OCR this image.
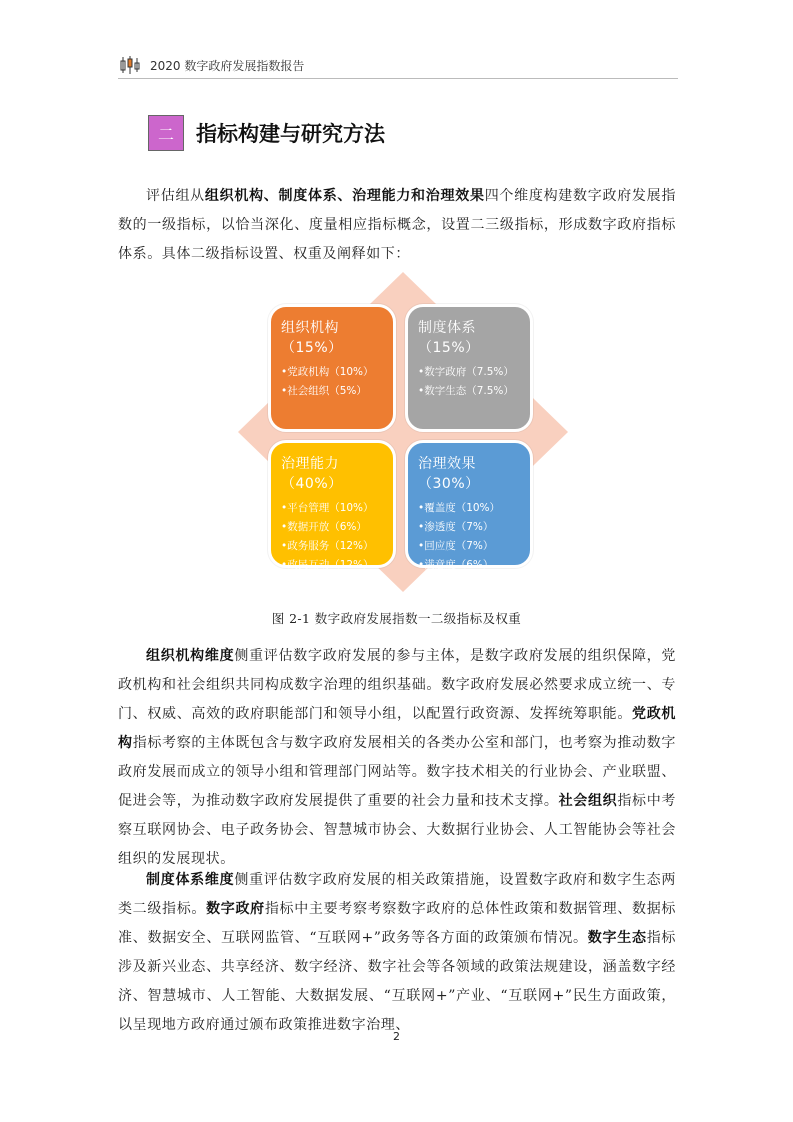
2020 数字政府发展指数报告
二	指标构建与研究方法

评估组从组织机构、制度体系、治理能力和治理效果四个维度构建数字政府发展指数的一级指标，以恰当深化、度量相应指标概念，设置二三级指标，形成数字政府指标体系。具体二级指标设置、权重及阐释如下：

组织机构（15%）
•党政机构（10%）
•社会组织（5%）
制度体系（15%）
•数字政府（7.5%）
•数字生态（7.5%）
治理能力（40%）
•平台管理（10%）
•数据开放（6%）
•政务服务（12%）
•政民互动（12%）
治理效果（30%）
•覆盖度（10%）
•渗透度（7%）
•回应度（7%）
•满意度（6%）
图 2-1 数字政府发展指数一二级指标及权重

组织机构维度侧重评估数字政府发展的参与主体，是数字政府发展的组织保障，党政机构和社会组织共同构成数字治理的组织基础。数字政府发展必然要求成立统一、专门、权威、高效的政府职能部门和领导小组，以配置行政资源、发挥统筹职能。党政机构指标考察的主体既包含与数字政府发展相关的各类办公室和部门，也考察为推动数字政府发展而成立的领导小组和管理部门网站等。数字技术相关的行业协会、产业联盟、促进会等，为推动数字政府发展提供了重要的社会力量和技术支撑。社会组织指标中考察互联网协会、电子政务协会、智慧城市协会、大数据行业协会、人工智能协会等社会组织的发展现状。

制度体系维度侧重评估数字政府发展的相关政策措施，设置数字政府和数字生态两类二级指标。数字政府指标中主要考察考察数字政府的总体性政策和数据管理、数据标准、数据安全、互联网监管、“互联网+”政务等各方面的政策颁布情况。数字生态指标涉及新兴业态、共享经济、数字经济、数字社会等各领域的政策法规建设，涵盖数字经济、智慧城市、人工智能、大数据发展、“互联网+”产业、“互联网+”民生方面政策，以呈现地方政府通过颁布政策推进数字治理、

2
